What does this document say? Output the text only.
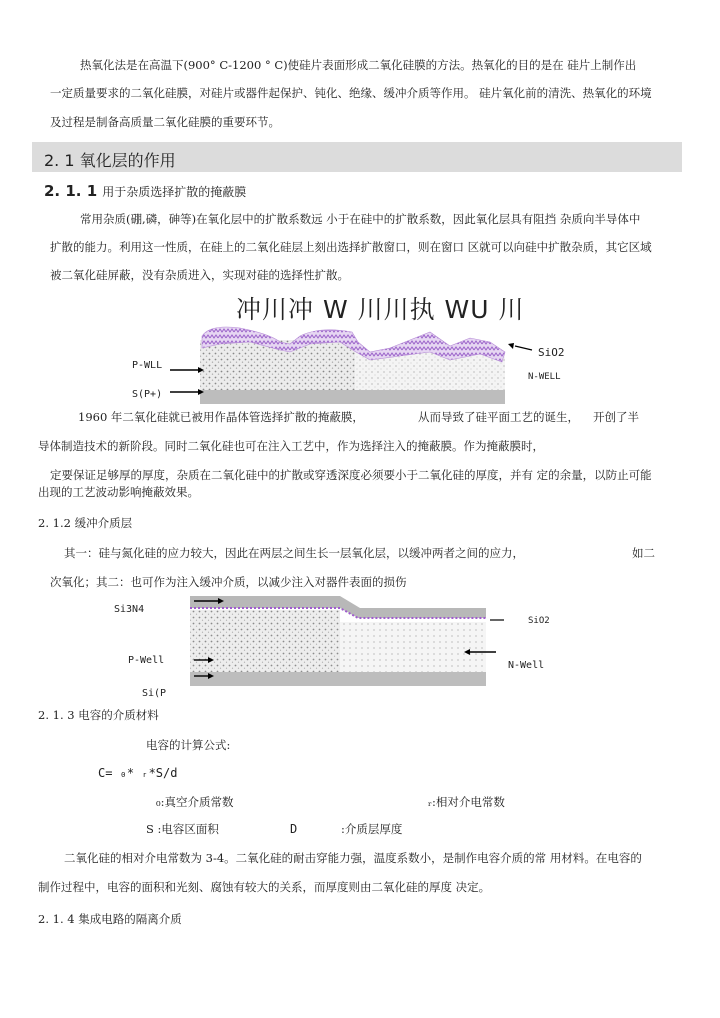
热氧化法是在高温下(900° C-1200 ° C)使硅片表面形成二氧化硅膜的方法。热氧化的目的是在 硅片上制作出
一定质量要求的二氧化硅膜，对硅片或器件起保护、钝化、绝缘、缓冲介质等作用。 硅片氧化前的清洗、热氧化的环境
及过程是制备高质量二氧化硅膜的重要环节。
2. 1 氧化层的作用
2. 1. 1 用于杂质选择扩散的掩蔽膜
常用杂质(硼,磷，砷等)在氧化层中的扩散系数远 小于在硅中的扩散系数，因此氧化层具有阻挡 杂质向半导体中
扩散的能力。利用这一性质，在硅上的二氧化硅层上刻出选择扩散窗口，则在窗口 区就可以向硅中扩散杂质，其它区域
被二氧化硅屏蔽，没有杂质进入，实现对硅的选择性扩散。
冲川冲 W 川川执 WU 川
P-WLL
S(P+)
SiO2
N-WELL
1960 年二氧化硅就已被用作晶体管选择扩散的掩蔽膜，	从而导致了硅平面工艺的诞生， 开创了半
导体制造技术的新阶段。同时二氧化硅也可在注入工艺中，作为选择注入的掩蔽膜。作为掩蔽膜时，
定要保证足够厚的厚度，杂质在二氧化硅中的扩散或穿透深度必须要小于二氧化硅的厚度，并有 定的余量，以防止可能
出现的工艺波动影响掩蔽效果。
2. 1.2 缓冲介质层
其一：硅与氮化硅的应力较大，因此在两层之间生长一层氧化层，以缓冲两者之间的应力，	如二
次氧化；其二：也可作为注入缓冲介质，以减少注入对器件表面的损伤
Si3N4
SiO2
P-Well	N-Well
Si(P
2. 1. 3 电容的介质材料
电容的计算公式:
C= ₀* ᵣ*S/d
₀:真空介质常数	ᵣ:相对介电常数
S :电容区面积	D	:介质层厚度
二氧化硅的相对介电常数为 3-4。二氧化硅的耐击穿能力强，温度系数小，是制作电容介质的常 用材料。在电容的
制作过程中，电容的面积和光刻、腐蚀有较大的关系，而厚度则由二氧化硅的厚度 决定。
2. 1. 4 集成电路的隔离介质
